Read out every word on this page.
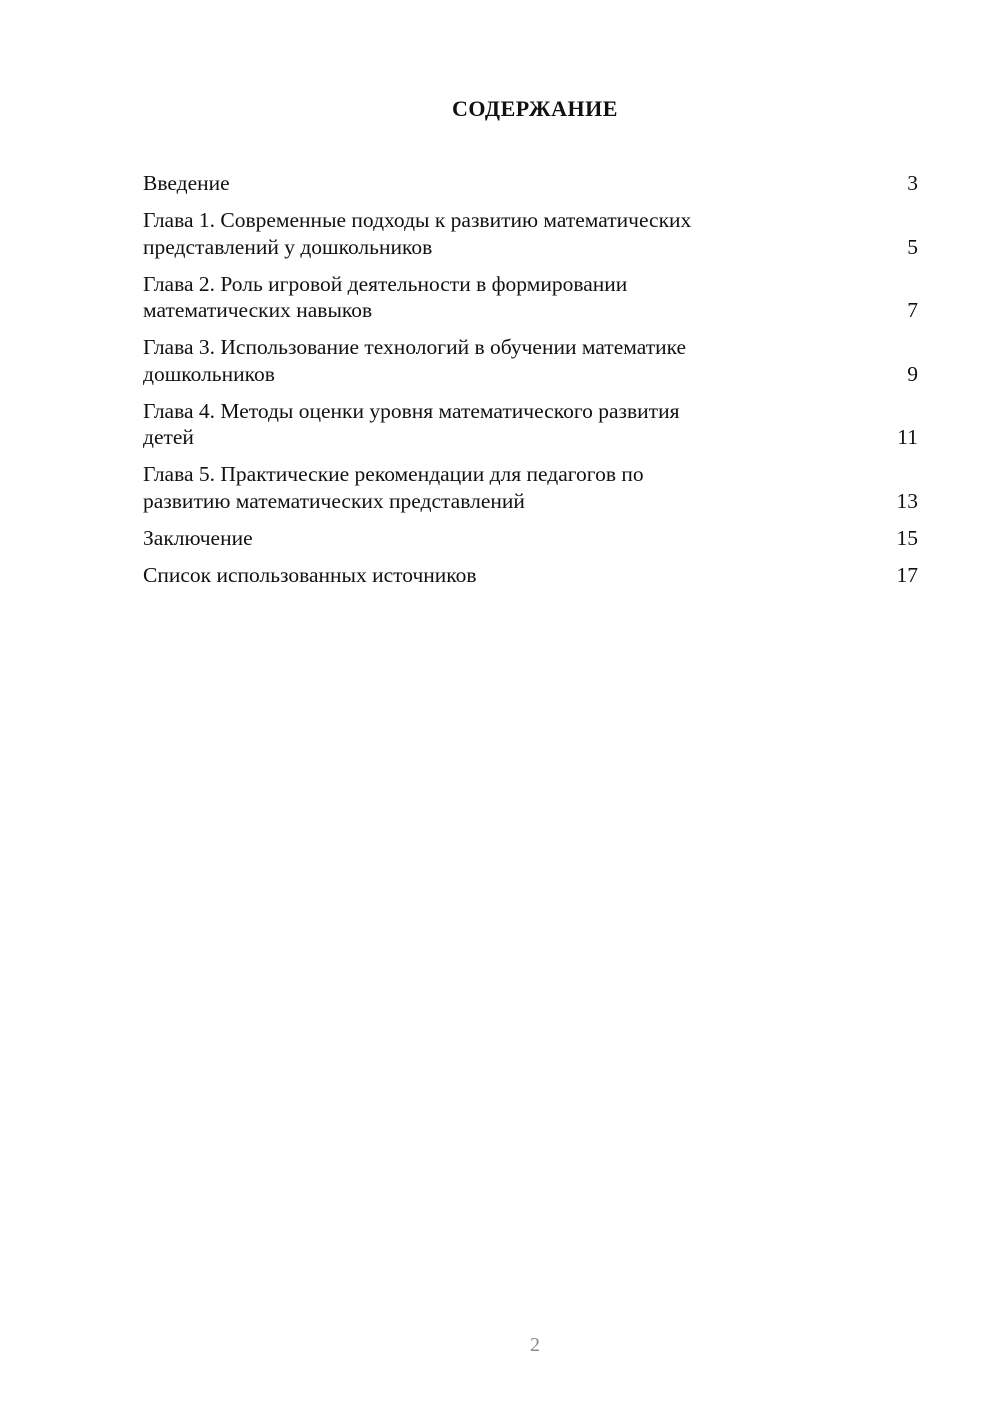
СОДЕРЖАНИЕ
Введение	3
Глава 1. Современные подходы к развитию математических
представлений у дошкольников	5
Глава 2. Роль игровой деятельности в формировании
математических навыков	7
Глава 3. Использование технологий в обучении математике
дошкольников	9
Глава 4. Методы оценки уровня математического развития
детей	11
Глава 5. Практические рекомендации для педагогов по
развитию математических представлений	13
Заключение	15
Список использованных источников	17
2
